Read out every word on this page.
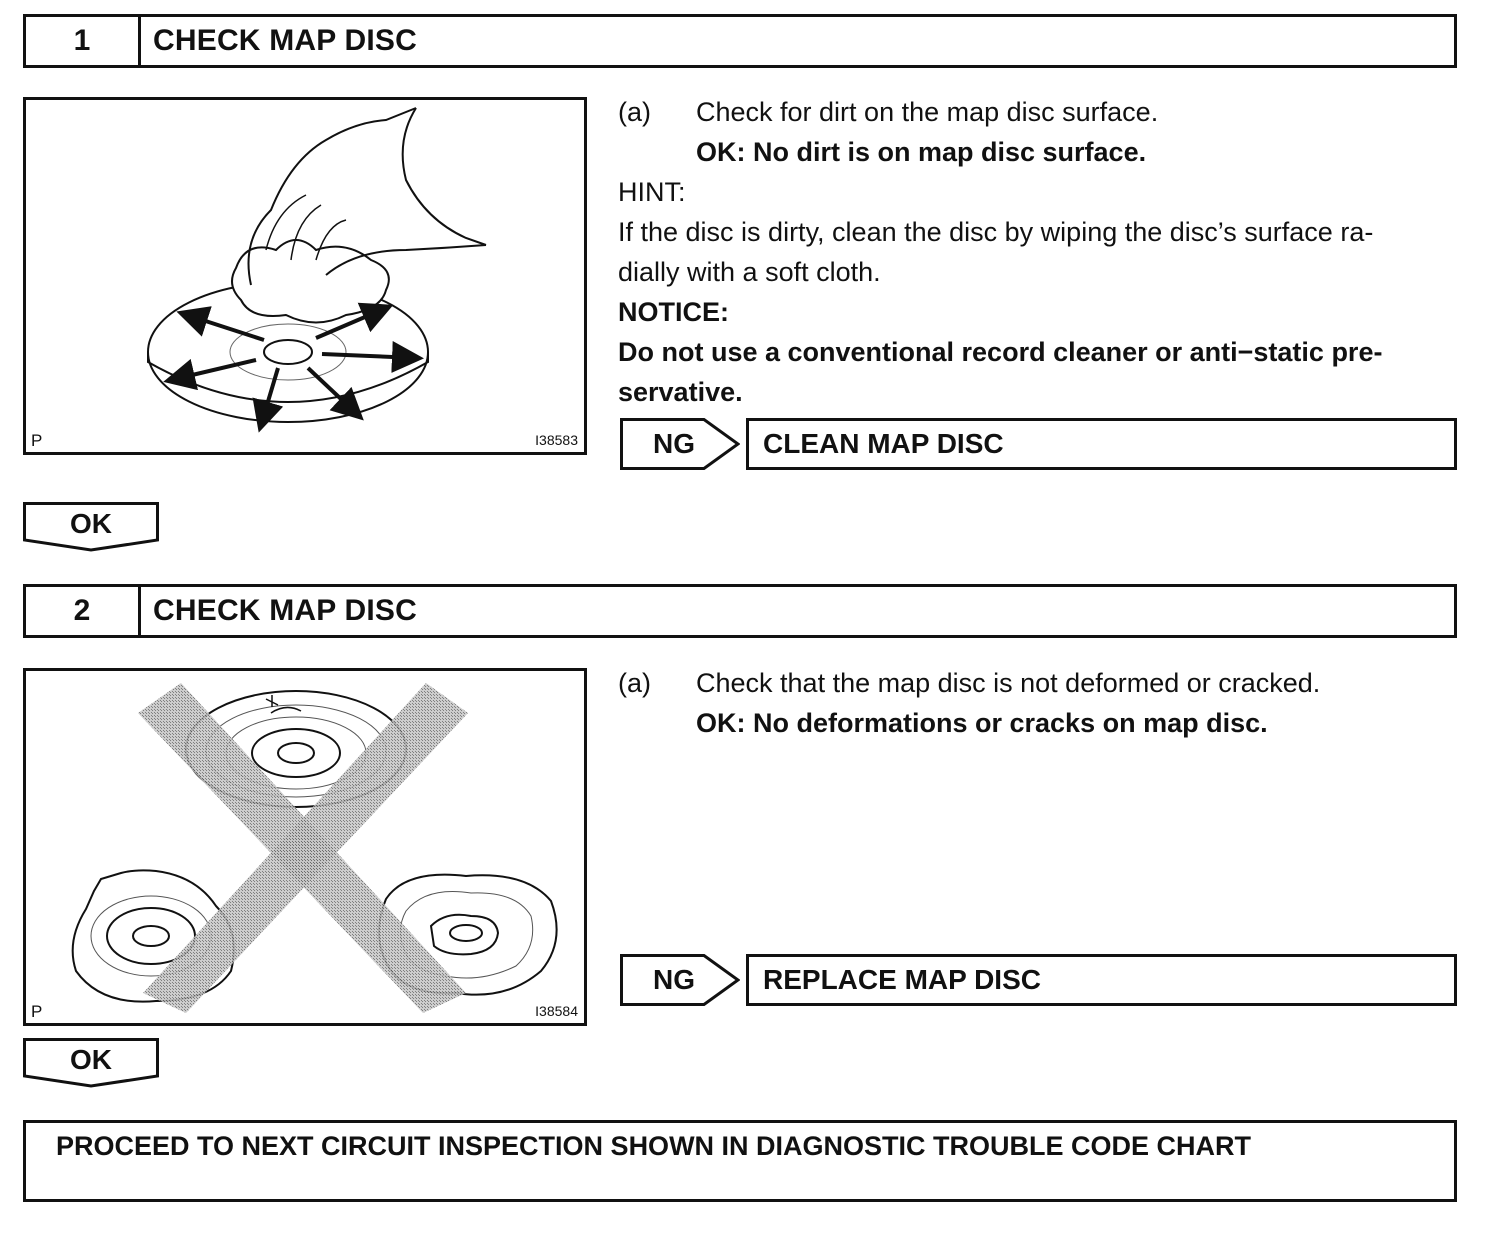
1	CHECK MAP DISC
P	I38583
(a)	Check for dirt on the map disc surface.
OK: No dirt is on map disc surface.
HINT:
If the disc is dirty, clean the disc by wiping the disc’s surface ra-
dially with a soft cloth.
NOTICE:
Do not use a conventional record cleaner or anti−static pre-
servative.
NG	CLEAN MAP DISC
OK
2	CHECK MAP DISC
P	I38584
(a)	Check that the map disc is not deformed or cracked.
OK: No deformations or cracks on map disc.
NG	REPLACE MAP DISC
OK
PROCEED TO NEXT CIRCUIT INSPECTION SHOWN IN DIAGNOSTIC TROUBLE CODE CHART
